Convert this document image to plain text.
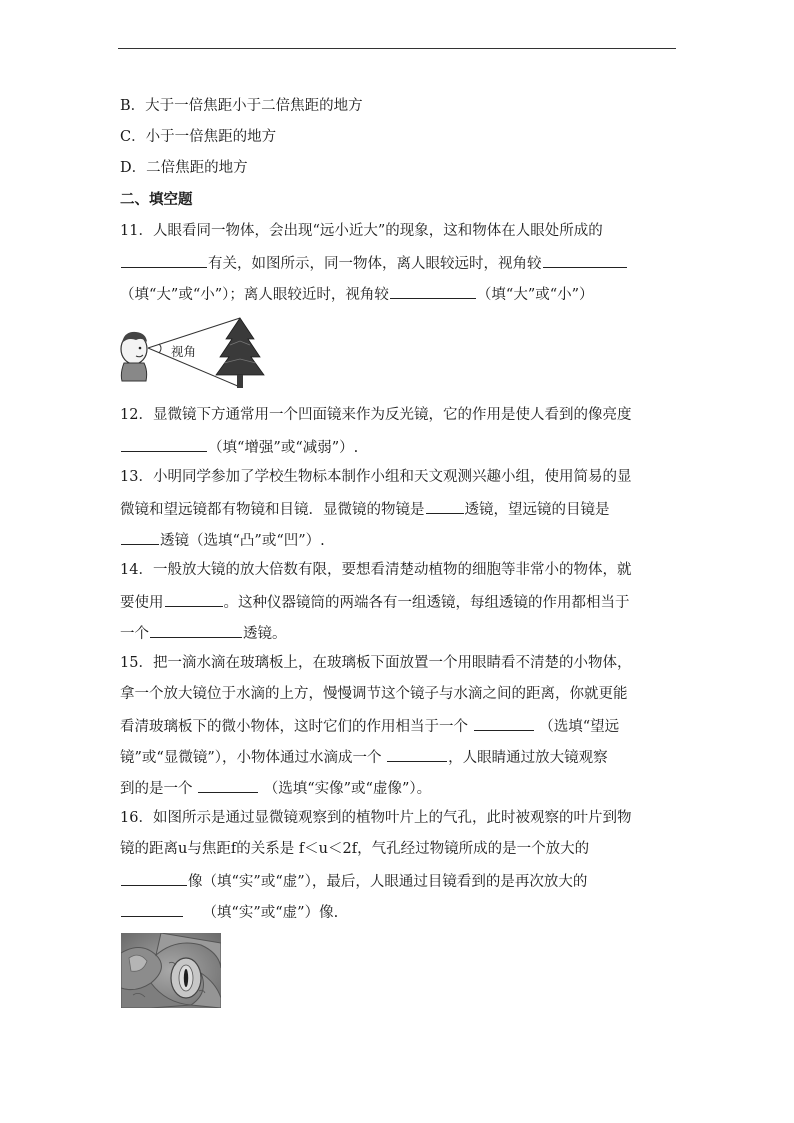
B．大于一倍焦距小于二倍焦距的地方
C．小于一倍焦距的地方
D．二倍焦距的地方
二、填空题
11．人眼看同一物体，会出现“远小近大”的现象，这和物体在人眼处所成的
有关，如图所示，同一物体，离人眼较远时，视角较
（填“大”或“小”）；离人眼较近时，视角较	（填“大”或“小”）
视角
12．显微镜下方通常用一个凹面镜来作为反光镜，它的作用是使人看到的像亮度
（填“增强”或“减弱”）.
13．小明同学参加了学校生物标本制作小组和天文观测兴趣小组，使用简易的显
微镜和望远镜都有物镜和目镜．显微镜的物镜是	透镜，望远镜的目镜是
透镜（选填“凸”或“凹”）.
14．一般放大镜的放大倍数有限，要想看清楚动植物的细胞等非常小的物体，就
要使用	。这种仪器镜筒的两端各有一组透镜，每组透镜的作用都相当于
一个	透镜。
15．把一滴水滴在玻璃板上，在玻璃板下面放置一个用眼睛看不清楚的小物体，
拿一个放大镜位于水滴的上方，慢慢调节这个镜子与水滴之间的距离，你就更能
看清玻璃板下的微小物体，这时它们的作用相当于一个	（选填“望远
镜”或“显微镜”），小物体通过水滴成一个	，人眼睛通过放大镜观察
到的是一个	（选填“实像”或“虚像”）。
16．如图所示是通过显微镜观察到的植物叶片上的气孔，此时被观察的叶片到物
镜的距离u与焦距f的关系是 f＜u＜2f，气孔经过物镜所成的是一个放大的
像（填“实”或“虚”），最后，人眼通过目镜看到的是再次放大的
（填“实”或“虚”）像.
